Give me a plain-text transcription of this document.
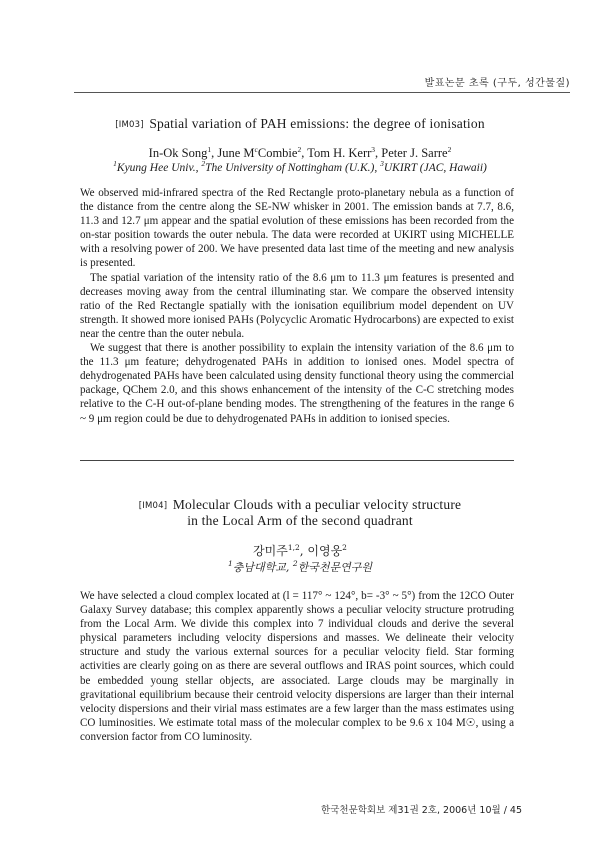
발표논문 초록 (구두, 성간물질)
[IM03] Spatial variation of PAH emissions: the degree of ionisation
In-Ok Song$^1$, June $M^cCombie^2$, Tom H. Kerr$^3$, Peter J. Sarre$^2$
$^1$Kyung Hee Univ., $^2$The University of Nottingham (U.K.), $^3$UKIRT (JAC, Hawaii)

We observed mid-infrared spectra of the Red Rectangle proto-planetary nebula as a function of the distance from the centre along the SE-NW whisker in 2001. The emission bands at 7.7, 8.6, 11.3 and 12.7 μm appear and the spatial evolution of these emissions has been recorded from the on-star position towards the outer nebula. The data were recorded at UKIRT using MICHELLE with a resolving power of 200. We have presented data last time of the meeting and new analysis is presented.

The spatial variation of the intensity ratio of the 8.6 μm to 11.3 μm features is presented and decreases moving away from the central illuminating star. We compare the observed intensity ratio of the Red Rectangle spatially with the ionisation equilibrium model dependent on UV strength. It showed more ionised PAHs (Polycyclic Aromatic Hydrocarbons) are expected to exist near the centre than the outer nebula.

We suggest that there is another possibility to explain the intensity variation of the 8.6 μm to the 11.3 μm feature; dehydrogenated PAHs in addition to ionised ones. Model spectra of dehydrogenated PAHs have been calculated using density functional theory using the commercial package, QChem 2.0, and this shows enhancement of the intensity of the C-C stretching modes relative to the C-H out-of-plane bending modes. The strengthening of the features in the range 6 ~ 9 μm region could be due to dehydrogenated PAHs in addition to ionised species.

[IM04] Molecular Clouds with a peculiar velocity structure
in the Local Arm of the second quadrant
강미주$^{1,2}$, 이영웅$^2$
$^1$충남대학교, $^2$한국천문연구원

We have selected a cloud complex located at (l = 117° ~ 124°, b= -3° ~ 5°) from the 12CO Outer Galaxy Survey database; this complex apparently shows a peculiar velocity structure protruding from the Local Arm. We divide this complex into 7 individual clouds and derive the several physical parameters including velocity dispersions and masses. We delineate their velocity structure and study the various external sources for a peculiar velocity field. Star forming activities are clearly going on as there are several outflows and IRAS point sources, which could be embedded young stellar objects, are associated. Large clouds may be marginally in gravitational equilibrium because their centroid velocity dispersions are larger than their internal velocity dispersions and their virial mass estimates are a few larger than the mass estimates using CO luminosities. We estimate total mass of the molecular complex to be 9.6 x 104 M☉, using a conversion factor from CO luminosity.

한국천문학회보 제31권 2호, 2006년 10월 / 45
